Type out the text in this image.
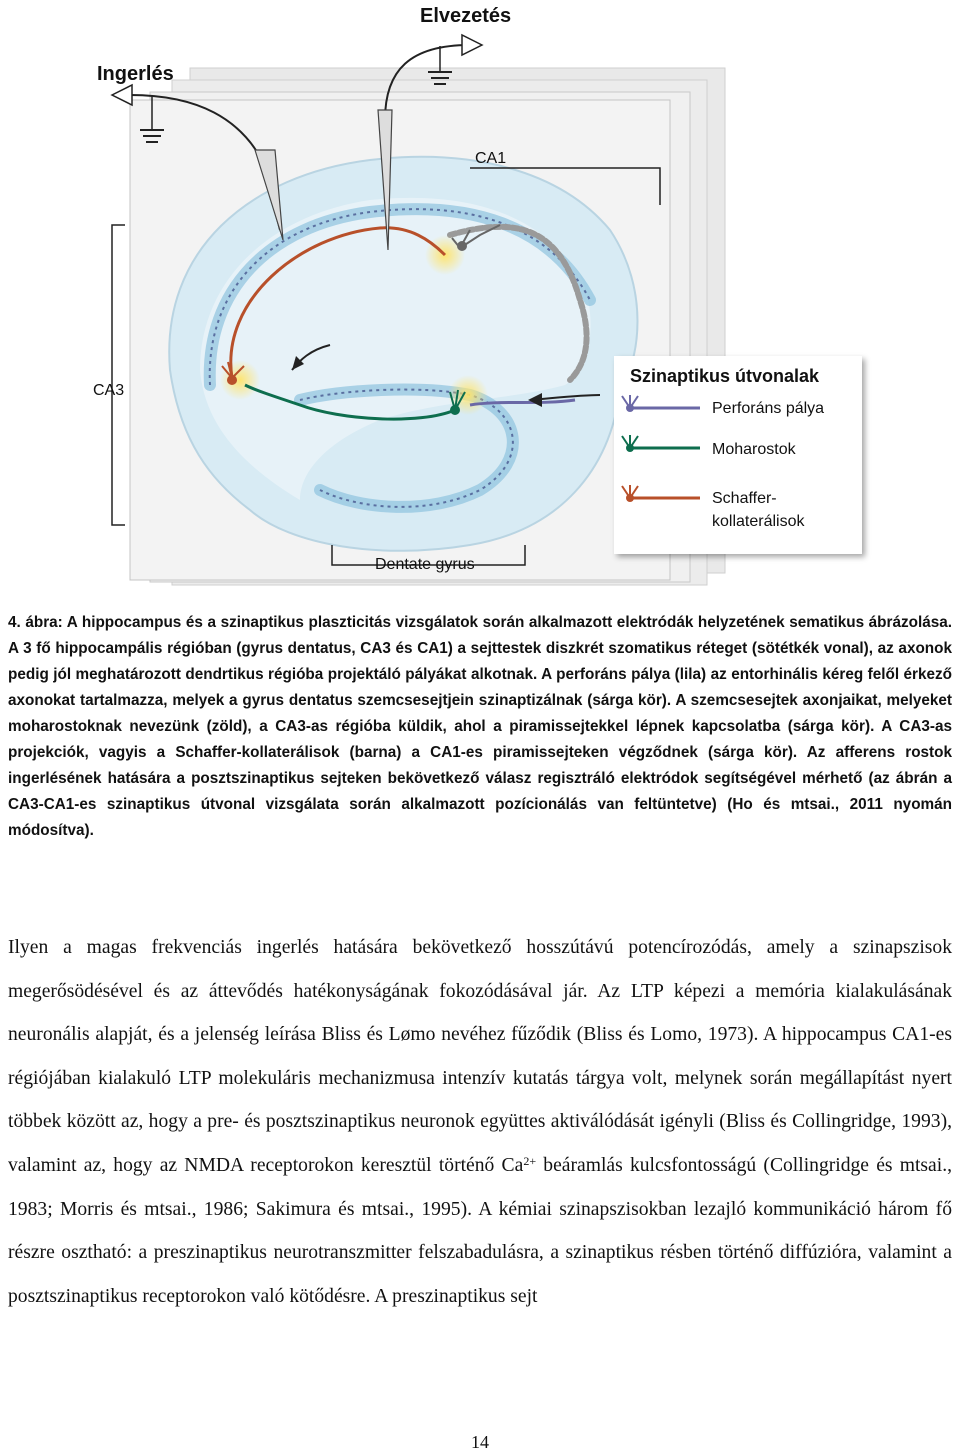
Elvezetés
Ingerlés
CA1
CA3
Dentate gyrus
Szinaptikus útvonalak
Perforáns pálya
Moharostok
Schaffer-
kollaterálisok
4. ábra: A hippocampus és a szinaptikus plaszticitás vizsgálatok során alkalmazott elektródák helyzetének sematikus ábrázolása. A 3 fő hippocampális régióban (gyrus dentatus, CA3 és CA1) a sejttestek diszkrét szomatikus réteget (sötétkék vonal), az axonok pedig jól meghatározott dendrtikus régióba projektáló pályákat alkotnak. A perforáns pálya (lila) az entorhinális kéreg felől érkező axonokat tartalmazza, melyek a gyrus dentatus szemcsesejtjein szinaptizálnak (sárga kör). A szemcsesejtek axonjaikat, melyeket moharostoknak nevezünk (zöld), a CA3-as régióba küldik, ahol a piramissejtekkel lépnek kapcsolatba (sárga kör). A CA3-as projekciók, vagyis a Schaffer-kollaterálisok (barna) a CA1-es piramissejteken végződnek (sárga kör). Az afferens rostok ingerlésének hatására a posztszinaptikus sejteken bekövetkező válasz regisztráló elektródok segítségével mérhető (az ábrán a CA3-CA1-es szinaptikus útvonal vizsgálata során alkalmazott pozícionálás van feltüntetve) (Ho és mtsai., 2011 nyomán módosítva).
Ilyen a magas frekvenciás ingerlés hatására bekövetkező hosszútávú potencírozódás, amely a szinapszisok megerősödésével és az áttevődés hatékonyságának fokozódásával jár. Az LTP képezi a memória kialakulásának neuronális alapját, és a jelenség leírása Bliss és Lømo nevéhez fűződik (Bliss és Lomo, 1973). A hippocampus CA1-es régiójában kialakuló LTP molekuláris mechanizmusa intenzív kutatás tárgya volt, melynek során megállapítást nyert többek között az, hogy a pre- és posztszinaptikus neuronok együttes aktiválódását igényli (Bliss és Collingridge, 1993), valamint az, hogy az NMDA receptorokon keresztül történő $Ca^{2+}$ beáramlás kulcsfontosságú (Collingridge és mtsai., 1983; Morris és mtsai., 1986; Sakimura és mtsai., 1995). A kémiai szinapszisokban lezajló kommunikáció három fő részre osztható: a preszinaptikus neurotranszmitter felszabadulásra, a szinaptikus résben történő diffúzióra, valamint a posztszinaptikus receptorokon való kötődésre. A preszinaptikus sejt
14
